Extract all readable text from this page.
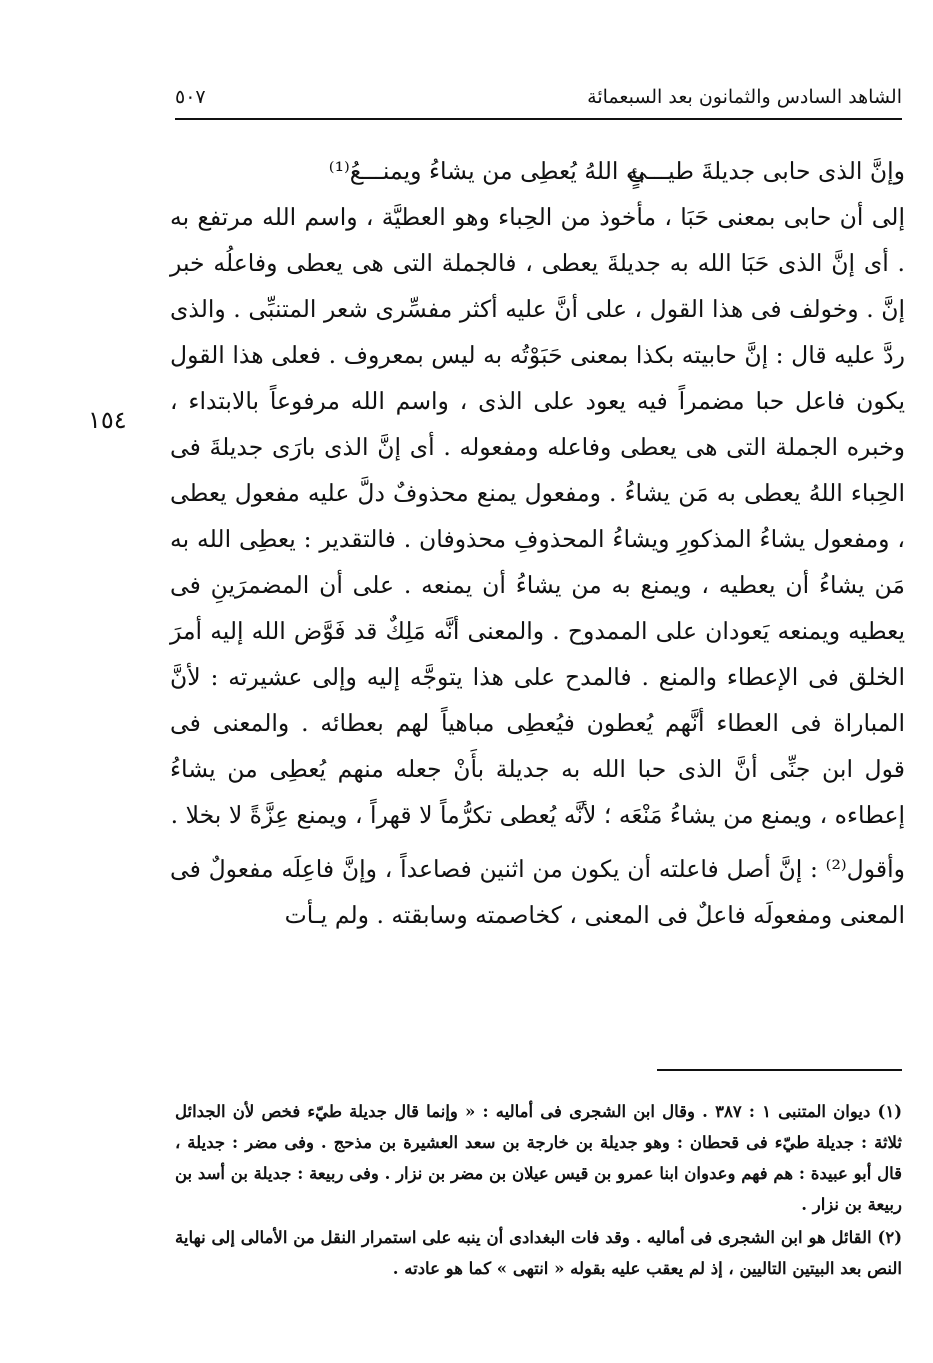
الشاهد السادس والثمانون بعد السبعمائة
٥٠٧
١٥٤
وإنَّ الذى حابى جديلةَ طيـــئٍ
به اللهُ يُعطِى من يشاءُ ويمنـــعُ⁽¹⁾

إلى أن حابى بمعنى حَبَا ، مأخوذ من الحِباء وهو العطيَّة ، واسم الله مرتفع به . أى إنَّ الذى حَبَا الله به جديلةَ يعطى ، فالجملة التى هى يعطى وفاعلُه خبر إنَّ . وخولف فى هذا القول ، على أنَّ عليه أكثر مفسِّرى شعر المتنبِّى . والذى ردَّ عليه قال : إنَّ حابيته بكذا بمعنى حَبَوْتُه به ليس بمعروف . فعلى هذا القول يكون فاعل حبا مضمراً فيه يعود على الذى ، واسم الله مرفوعاً بالابتداء ، وخبره الجملة التى هى يعطى وفاعله ومفعوله . أى إنَّ الذى بارَى جديلةَ فى الحِباء اللهُ يعطى به مَن يشاءُ . ومفعول يمنع محذوفٌ دلَّ عليه مفعول يعطى ، ومفعول يشاءُ المذكورِ ويشاءُ المحذوفِ محذوفان . فالتقدير : يعطِى الله به مَن يشاءُ أن يعطيه ، ويمنع به من يشاءُ أن يمنعه . على أن المضمرَينِ فى يعطيه ويمنعه يَعودان على الممدوح . والمعنى أنَّه مَلِكٌ قد فَوَّض الله إليه أمرَ الخلق فى الإعطاء والمنع . فالمدح على هذا يتوجَّه إليه وإلى عشيرته : لأنَّ المباراة فى العطاء أنَّهم يُعطون فيُعطِى مباهياً لهم بعطائه . والمعنى فى قول ابن جنِّى أنَّ الذى حبا الله به جديلة بأَنْ جعله منهم يُعطِى من يشاءُ إعطاءه ، ويمنع من يشاءُ مَنْعَه ؛ لأنَّه يُعطى تكرُّماً لا قهراً ، ويمنع عِزَّةً لا بخلا .

وأقول⁽²⁾ : إنَّ أصل فاعلته أن يكون من اثنين فصاعداً ، وإنَّ فاعِلَه مفعولٌ فى المعنى ومفعولَه فاعلٌ فى المعنى ، كخاصمته وسابقته . ولم يـأت

(١) ديوان المتنبى ١ : ٣٨٧ . وقال ابن الشجرى فى أماليه : « وإنما قال جديلة طيّء فخص لأن الجدائل ثلاثة : جديلة طيّء فى قحطان : وهو جديلة بن خارجة بن سعد العشيرة بن مذحج . وفى مضر : جديلة ، قال أبو عبيدة : هم فهم وعدوان ابنا عمرو بن قيس عيلان بن مضر بن نزار . وفى ربيعة : جديلة بن أسد بن ربيعة بن نزار .

(٢) القائل هو ابن الشجرى فى أماليه . وقد فات البغدادى أن ينبه على استمرار النقل من الأمالى إلى نهاية النص بعد البيتين التاليين ، إذ لم يعقب عليه بقوله « انتهى » كما هو عادته .
